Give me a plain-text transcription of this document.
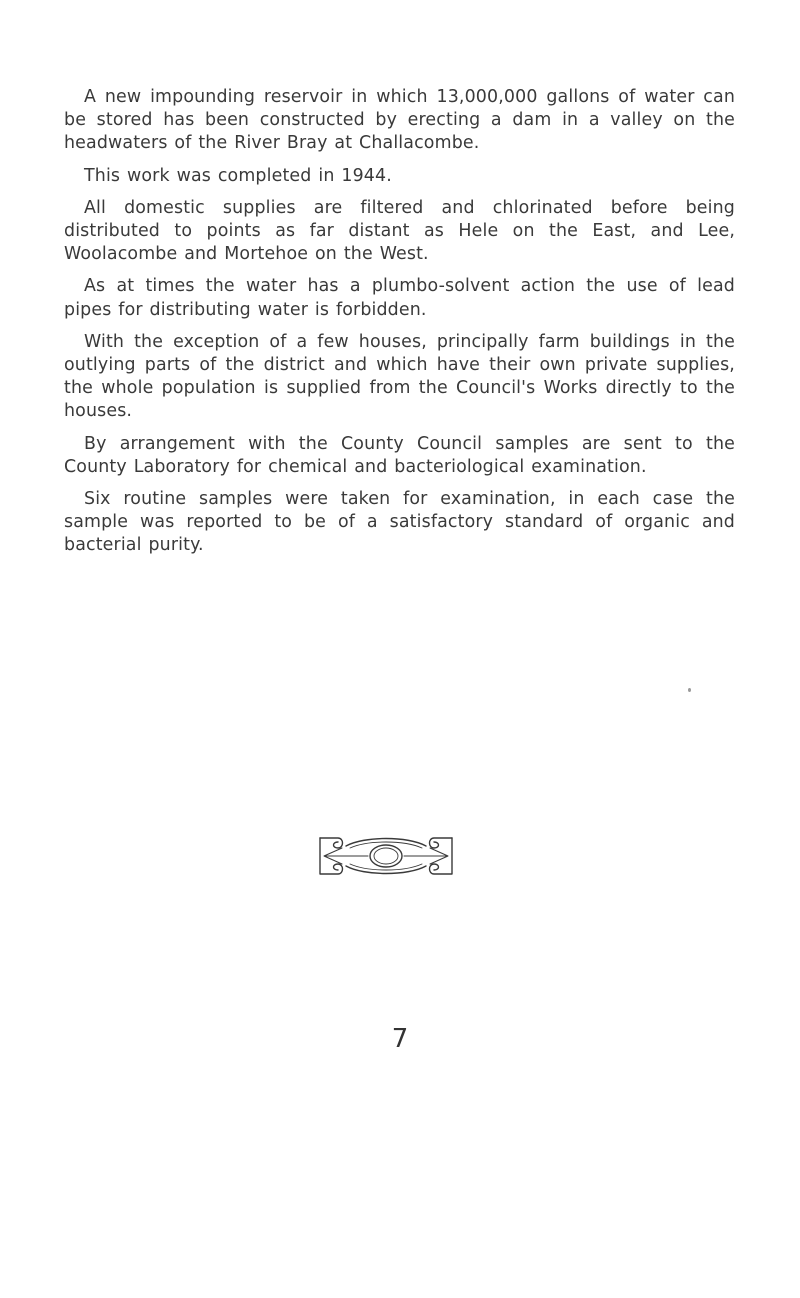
A new impounding reservoir in which 13,000,000 gallons of water can be stored has been constructed by erecting a dam in a valley on the headwaters of the River Bray at Challacombe.

This work was completed in 1944.

All domestic supplies are filtered and chlorinated before being distributed to points as far distant as Hele on the East, and Lee, Woolacombe and Mortehoe on the West.

As at times the water has a plumbo-solvent action the use of lead pipes for distributing water is forbidden.

With the exception of a few houses, principally farm buildings in the outlying parts of the district and which have their own private supplies, the whole population is supplied from the Council's Works directly to the houses.

By arrangement with the County Council samples are sent to the County Laboratory for chemical and bacteriological examination.

Six routine samples were taken for examination, in each case the sample was reported to be of a satisfactory standard of organic and bacterial purity.

7
